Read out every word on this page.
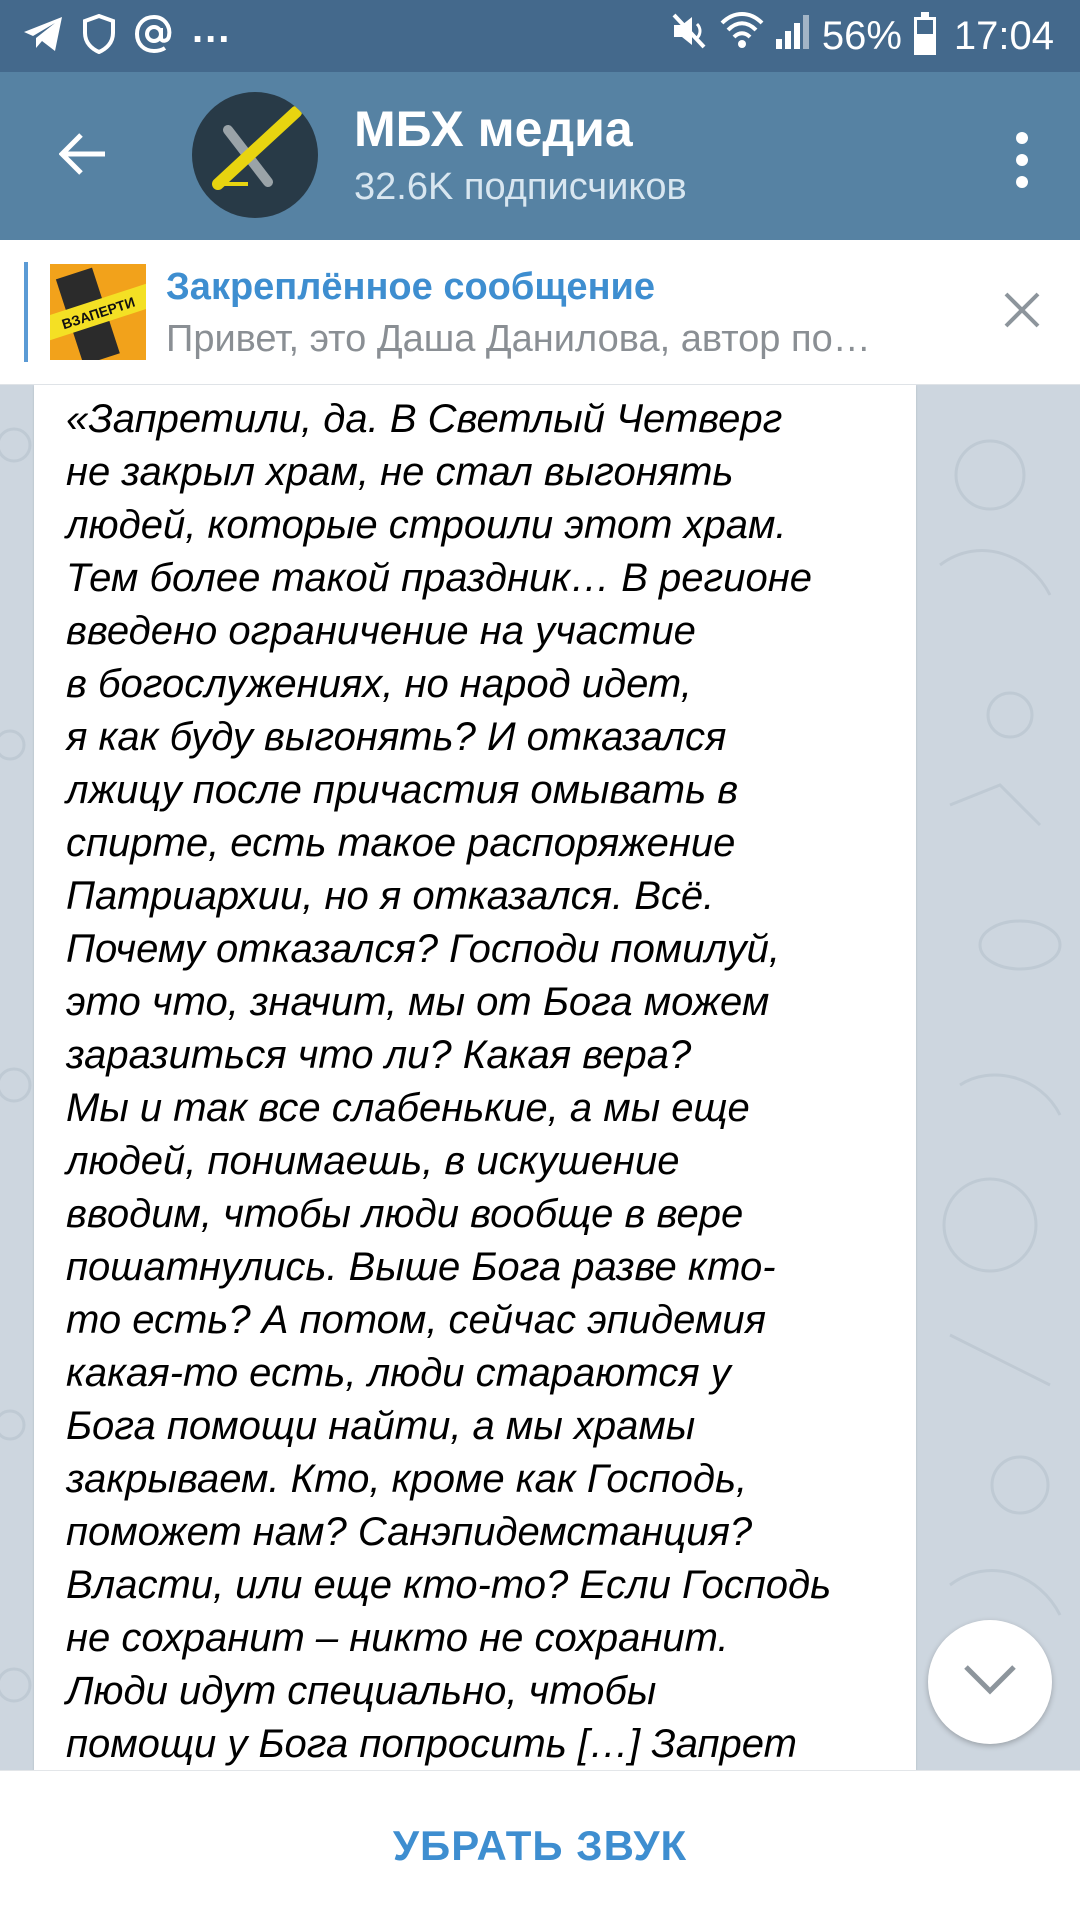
...	56% 17:04
МБХ медиа
32.6K подписчиков
ВЗАПЕРТИ
Закреплённое сообщение
Привет, это Даша Данилова, автор по…

«Запретили, да. В Светлый Четверг
не закрыл храм, не стал выгонять
людей, которые строили этот храм.
Тем более такой праздник… В регионе
введено ограничение на участие
в богослужениях, но народ идет,
я как буду выгонять? И отказался
лжицу после причастия омывать в
спирте, есть такое распоряжение
Патриархии, но я отказался. Всё.
Почему отказался? Господи помилуй,
это что, значит, мы от Бога можем
заразиться что ли? Какая вера?
Мы и так все слабенькие, а мы еще
людей, понимаешь, в искушение
вводим, чтобы люди вообще в вере
пошатнулись. Выше Бога разве кто-
то есть? А потом, сейчас эпидемия
какая-то есть, люди стараются у
Бога помощи найти, а мы храмы
закрываем. Кто, кроме как Господь,
поможет нам? Санэпидемстанция?
Власти, или еще кто-то? Если Господь
не сохранит – никто не сохранит.
Люди идут специально, чтобы
помощи у Бога попросить […] Запрет

УБРАТЬ ЗВУК
